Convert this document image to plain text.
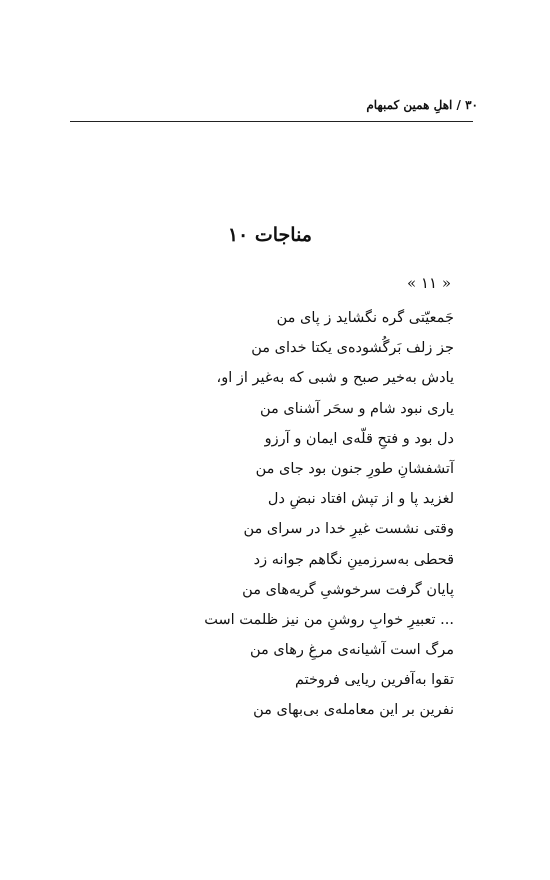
۳۰ / اهلِ همین کمبهام
مناجات ۱۰
« ۱۱ »
جَمعیّتی گره نگشاید ز پای من
جز زلف بَرگُشوده‌ی یکتا خدای من
یادش به‌خیر صبح و شبی که به‌غیر از او،
یاری نبود شام و سحَر آشنای من
دل بود و فتحِ قلّه‌ی ایمان و آرزو
آتشفشانِ طورِ جنون بود جای من
لغزید پا و از تپش افتاد نبضِ دل
وقتی نشست غیرِ خدا در سرای من
قحطی به‌سرزمینِ نگاهم جوانه زد
پایان گرفت سرخوشیِ گریه‌های من
... تعبیرِ خوابِ روشنِ من نیز ظلمت است
مرگ است آشیانه‌ی مرغِ رهای من
تقوا به‌آفرین ریایی فروختم
نفرین بر این معامله‌ی بی‌بهای من
